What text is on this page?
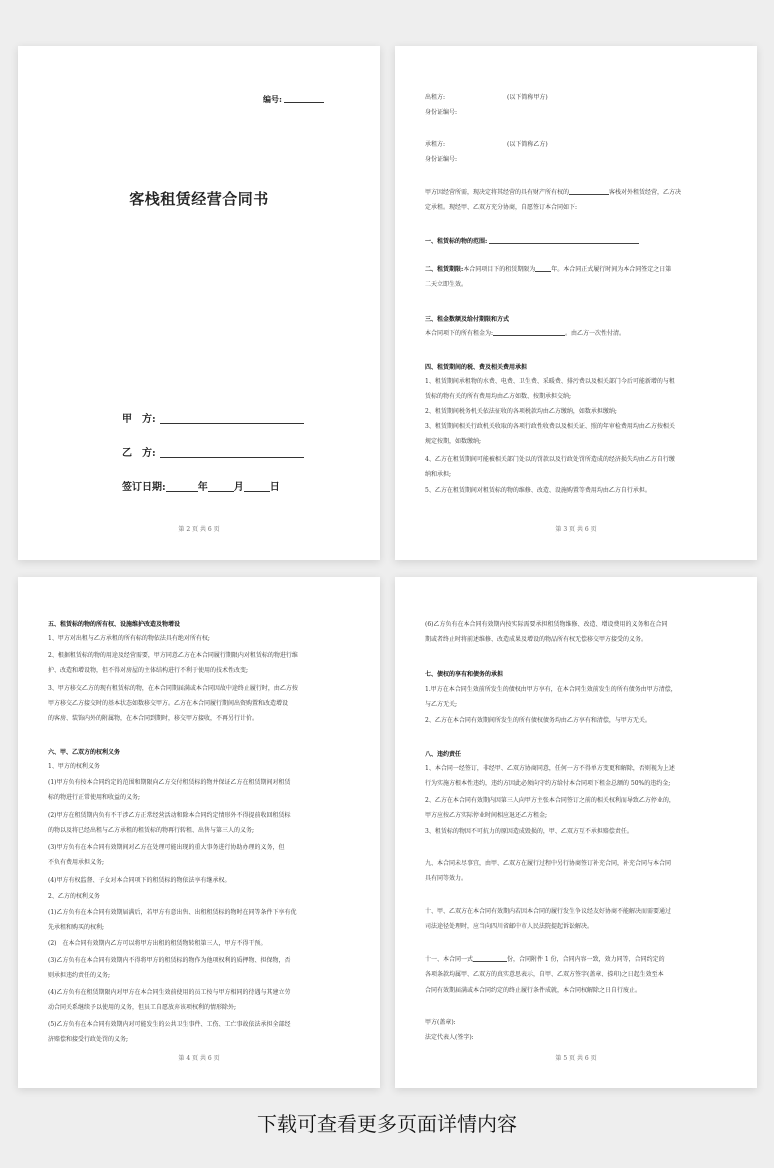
编号:
客栈租赁经营合同书
甲　方:
乙　方:
签订日期:	年	月	日
第 2 页 共 6 页
出租方:	(以下简称甲方)
身份证编号:
承租方:	(以下简称乙方)
身份证编号:
甲方因经营所需，现决定将其经营的具有财产所有权的	客栈对外租赁经营，乙方决
定承租。现经甲、乙双方充分协商，自愿签订本合同如下:
一、租赁标的物的范围:
二、租赁期限:本合同项目下的租赁期限为	年。本合同正式履行时间为本合同签定之日第
二天立即生效。
三、租金数额及给付期限和方式
本合同项下的所有租金为:	。由乙方一次性付清。
四、租赁期间的税、费及相关费用承担
1、租赁期间承租物的水费、电费、卫生费、采暖费、排污费以及相关部门今后可能新增的与租
赁标的物有关的所有费用均由乙方如数、按期承担交纳;
2、租赁期间税务机关依法征收的各项税款均由乙方缴纳，如数承担缴纳;
3、租赁期间相关行政机关收取的各项行政性收费以及相关证、照的年审检费用均由乙方按相关
规定按期，如数缴纳;
4、乙方在租赁期间可能被相关部门处以的罚款以及行政处罚所造成的经济损失均由乙方自行缴
纳和承担;
5、乙方在租赁期间对租赁标的物的维修、改造、设施购置等费用均由乙方自行承担。
第 3 页 共 6 页
五、租赁标的物的所有权、设施维护改造及物增设
1、甲方对出租与乙方承租的所有标的物依法具有绝对所有权;
2、根据租赁标的物的用途及经营需要，甲方同意乙方在本合同履行期限内对租赁标的物进行维
护、改造和增设物，但不得对房屋的主体结构进行不利于使用的技术性改变;
3、甲方移交乙方的现有租赁标的物，在本合同期届满或本合同因故中途终止履行时，由乙方按
甲方移交乙方接交时的基本状态如数移交甲方。乙方在本合同履行期间出资购置和改造增设
的客房、装饰内外的附属物，在本合同到期时，移交甲方接收，不再另行计价。
六、甲、乙双方的权利义务
1、甲方的权利义务
(1)甲方负有按本合同约定的范围和期限向乙方交付租赁标的物并保证乙方在租赁期间对租赁
标的物进行正常使用和收益的义务;
(2)甲方在租赁期内负有不干涉乙方正常经营活动和除本合同约定情形外不得提前收回租赁标
的物以及将已经出租与乙方承租的租赁标的物再行转租、出售与第三人的义务;
(3)甲方负有在本合同有效期间对乙方在处理可能出现的重大事务进行协助办理的义务，但
不负有费用承担义务;
(4)甲方有权监督、子女对本合同项下的租赁标的物依法享有继承权。
2、乙方的权利义务
(1)乙方负有在本合同有效期届满后，若甲方有意出售、出租租赁标的物时在同等条件下享有优
先承租和购买的权利;
(2)　在本合同有效期内乙方可以将甲方出租的租赁物转租第三人，甲方不得干预。
(3)乙方负有在本合同有效期内不得将甲方的租赁标的物作为他项权利的质押物、担保物，否
则承担违约责任的义务;
(4)乙方负有在租赁期限内对甲方在本合同生效前使用的员工按与甲方相同的待遇与其建立劳
动合同关系继续予以使用的义务，但员工自愿放弃该项权利的情形除外;
(5)乙方负有在本合同有效期内对可能发生的公共卫生事件、工伤、工亡事故依法承担全部经
济赔偿和接受行政处罚的义务;
第 4 页 共 6 页
(6)乙方负有在本合同有效期内按实际需要承担租赁物维修、改造、增设费用的义务和在合同
期或者终止时将前述维修、改造成果及增设的物品所有权无偿移交甲方接受的义务。
七、债权的享有和债务的承担
1.甲方在本合同生效前所发生的债权由甲方享有，在本合同生效前发生的所有债务由甲方清偿，
与乙方无关;
2、乙方在本合同有效期间所发生的所有债权债务均由乙方享有和清偿，与甲方无关。
八、违约责任
1、本合同一经签订，非经甲、乙双方协商同意，任何一方不得单方变更和解除，否则视为上述
行为实施方根本性违约，违约方因此必须向守约方给付本合同项下租金总额的 50%的违约金;
2、乙方在本合同有效期内因第三人向甲方主张本合同签订之前的相关权利而导致乙方停业的，
甲方应按乙方实际停业时间相应退还乙方租金;
3、租赁标的物因不可抗力的原因造成毁损的，甲、乙双方互不承担赔偿责任。
九、本合同未尽事宜，由甲、乙双方在履行过程中另行协商签订补充合同，补充合同与本合同
具有同等效力。
十、甲、乙双方在本合同有效期内若因本合同的履行发生争议经友好协商不能解决而需要通过
司法途径处理时，应当向四川省邮中市人民法院提起诉讼解决。
十一、本合同一式	份，合同附件 1 份，合同内容一致，效力同等，合同约定的
各项条款均属甲、乙双方的真实意思表示，自甲、乙双方签字(盖章、捺印)之日起生效至本
合同有效期届满或本合同约定的终止履行条件成就，本合同权解除之日自行废止。
甲方(盖章):
法定代表人(签字):
第 5 页 共 6 页
下载可查看更多页面详情内容
